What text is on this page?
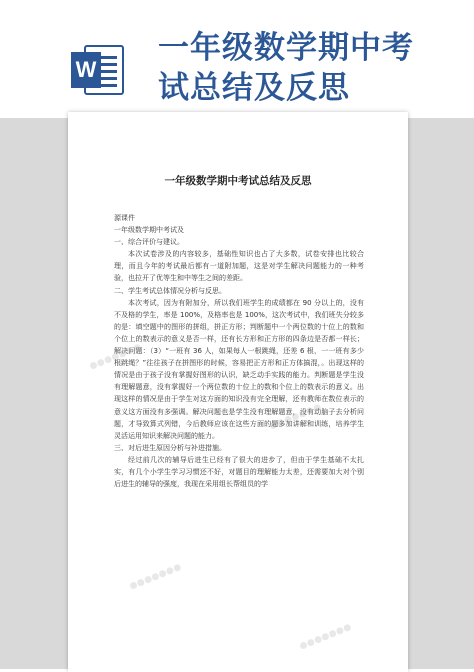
W
一年级数学期中考
试总结及反思
一年级数学期中考试总结及反思

源课件

一年级数学期中考试及

一、综合评价与建议。

本次试卷涉及的内容较多，基础性知识也占了大多数，试卷安排也比较合理，而且今年的考试最后都有一道附加题，这是对学生解决问题能力的一种考验，也拉开了优等生和中等生之间的差距。

二、学生考试总体情况分析与反思。

本次考试，因为有附加分，所以我们班学生的成绩都在 90 分以上的，没有不及格的学生，率是 100%，及格率也是 100%，这次考试中，我们班失分较多的是：填空题中的图形的拼组，拼正方形；判断题中一个两位数的十位上的数和个位上的数表示的意义是否一样，还有长方形和正方形的四条边是否都一样长；解决问题：（3）“一班有 36 人，如果每人一根跳绳，还差 6 根，一一班有多少根跳绳？”往往孩子在拼图形的时候，容易把正方形和正方体搞混，。出现这样的情况是由于孩子没有掌握好图形的认识，缺乏动手实践的能力。判断题是学生没有理解题意，没有掌握好一个两位数的十位上的数和个位上的数表示的意义。出现这样的情况是由于学生对这方面的知识没有完全理解，还有教师在数位表示的意义这方面没有多强调。解决问题也是学生没有理解题意，没有动脑子去分析问题，才导致算式列错，今后教师应该在这些方面的题多加讲解和训练，培养学生灵活运用知识来解决问题的能力。

三、对后进生原因分析与补进措施。

经过前几次的辅导后进生已经有了很大的进步了，但由于学生基础不太扎实，有几个小学生学习习惯还不好，对题目的理解能力太差，还需要加大对个别后进生的辅导的强度，我现在采用组长帮组员的学

●●●●●●●
●●●●●●●
●●●●●●●
●●●●●●●
